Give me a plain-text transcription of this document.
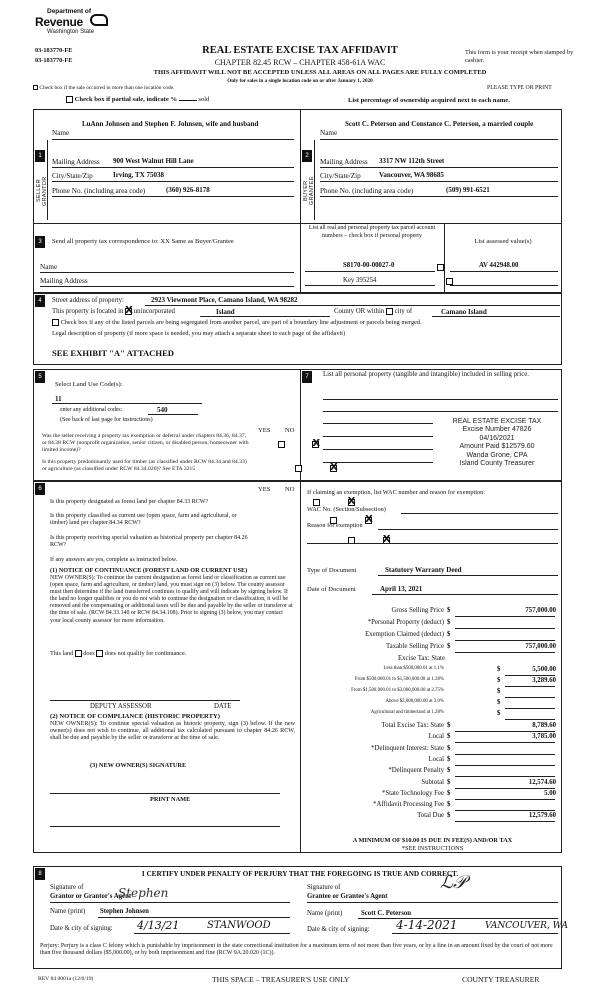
Department of
Revenue
Washington State
03-183770-FE
03-183770-FE
REAL ESTATE EXCISE TAX AFFIDAVIT
CHAPTER 82.45 RCW – CHAPTER 458-61A WAC
This form is your receipt when stamped by cashier.
THIS AFFIDAVIT WILL NOT BE ACCEPTED UNLESS ALL AREAS ON ALL PAGES ARE FULLY COMPLETED
Only for sales in a single location code on or after January 1, 2020
PLEASE TYPE OR PRINT
Check box if the sale occurred in more than one location code.
Check box if partial sale, indicate %	sold	List percentage of ownership acquired next to each name.
1	2
SELLER GRANTOR
LuAnn Johnsen and Stephen F. Johnsen, wife and husband
Name
Mailing Address 900 West Walnut Hill Lane
City/State/Zip	Irving, TX 75038
Phone No. (including area code)	(360) 926-8178	BUYER GRANTEE
Scott C. Peterson and Constance C. Peterson, a married couple
Name
Mailing Address 3317 NW 112th Street
City/State/Zip	Vancouver, WA 98685
Phone No. (including area code)	(509) 991-6521
3	Send all property tax correspondence to: XX Same as Buyer/Grantee
Name
Mailing Address
List all real and personal property tax parcel account numbers – check box if personal property
List assessed value(s)
S8170-00-00027-0
	AV 442948.00
Key 395254

4	Street address of property:	2923 Viewmont Place, Camano Island, WA 98282
This property is located in X unincorporated	Island	County OR within city of	Camano Island
Check box if any of the listed parcels are being segregated from another parcel, are part of a boundary line adjustment or parcels being merged.
Legal description of property (if more space is needed, you may attach a separate sheet to each page of the affidavit)
SEE EXHIBIT "A" ATTACHED
5	7
Select Land Use Code(s):
11
enter any additional codes:	540
(See back of last page for instructions)
YES NO
Was the seller receiving a property tax exemption or deferral under chapters 84.36, 84.37, or 84.38 RCW (nonprofit organization, senior citizen, or disabled person, homeowner with limited income)?
X
Is this property predominantly used for timber (as classified under RCW 84.34 and 84.33) or agriculture (as classified under RCW 84.34.020)? See ETA 3215
X
List all personal property (tangible and intangible) included in selling price.
REAL ESTATE EXCISE TAX
Excise Number 47826
04/16/2021
Amount Paid $12579.60
Wanda Grone, CPA
Island County Treasurer
6	YES NO
Is this property designated as forest land per chapter 84.33 RCW?
X
Is this property classified as current use (open space, farm and agricultural, or timber) land per chapter 84.34 RCW?
X
Is this property receiving special valuation as historical property per chapter 84.26 RCW?
X
If any answers are yes, complete as instructed below.
(1) NOTICE OF CONTINUANCE (FOREST LAND OR CURRENT USE)
NEW OWNER(S): To continue the current designation as forest land or classification as current use (open space, farm and agriculture, or timber) land, you must sign on (3) below. The county assessor must then determine if the land transferred continues to qualify and will indicate by signing below. If the land no longer qualifies or you do not wish to continue the designation or classification, it will be removed and the compensating or additional taxes will be due and payable by the seller or transferor at the time of sale. (RCW 84.33.140 or RCW 84.34.108). Prior to signing (3) below, you may contact your local county assessor for more information.
This land does does not qualify for continuance.
DEPUTY ASSESSOR	DATE
(2) NOTICE OF COMPLIANCE (HISTORIC PROPERTY)
NEW OWNER(S): To continue special valuation as historic property, sign (3) below. If the new owner(s) does not wish to continue, all additional tax calculated pursuant to chapter 84.26 RCW, shall be due and payable by the seller or transferor at the time of sale.
(3) NEW OWNER(S) SIGNATURE
PRINT NAME
If claiming an exemption, list WAC number and reason for exemption:
WAC No. (Section/Subsection)
Reason for exemption
Type of Document	Statutory Warranty Deed
Date of Document	April 13, 2021
Gross Selling Price $	757,000.00
*Personal Property (deduct) $
Exemption Claimed (deduct) $
Taxable Selling Price $	757,000.00
Excise Tax: State
Less than $500,000.01 at 1.1%	$	5,500.00
From $500,000.01 to $1,500,000.00 at 1.28%	$	3,289.60
From $1,500,000.01 to $3,000,000.00 at 2.75%	$
Above $3,000,000.00 at 3.0%	$
Agricultural and timberland at 1.28%	$
Total Excise Tax: State $	8,789.60
Local $	3,785.00
*Delinquent Interest: State $
Local $
*Delinquent Penalty $
Subtotal $	12,574.60
*State Technology Fee $	5.00
*Affidavit Processing Fee $
Total Due $	12,579.60
A MINIMUM OF $10.00 IS DUE IN FEE(S) AND/OR TAX
*SEE INSTRUCTIONS
8	I CERTIFY UNDER PENALTY OF PERJURY THAT THE FOREGOING IS TRUE AND CORRECT.
Signature of
Grantor or Grantor's Agent
Stephen
Name (print) Stephen Johnsen
Date & city of signing: 4/13/21	STANWOOD
Signature of
Grantee or Grantee's Agent
ℒ𝒫
Name (print)	Scott C. Peterson
Date & city of signing: 4-14-2021	VANCOUVER, WA
Perjury: Perjury is a class C felony which is punishable by imprisonment in the state correctional institution for a maximum term of not more than five years, or by a fine in an amount fixed by the court of not more than five thousand dollars ($5,000.00), or by both imprisonment and fine (RCW 9A.20.020 (1C)).
REV 84 0001a (12/6/19)	THIS SPACE – TREASURER'S USE ONLY	COUNTY TREASURER
